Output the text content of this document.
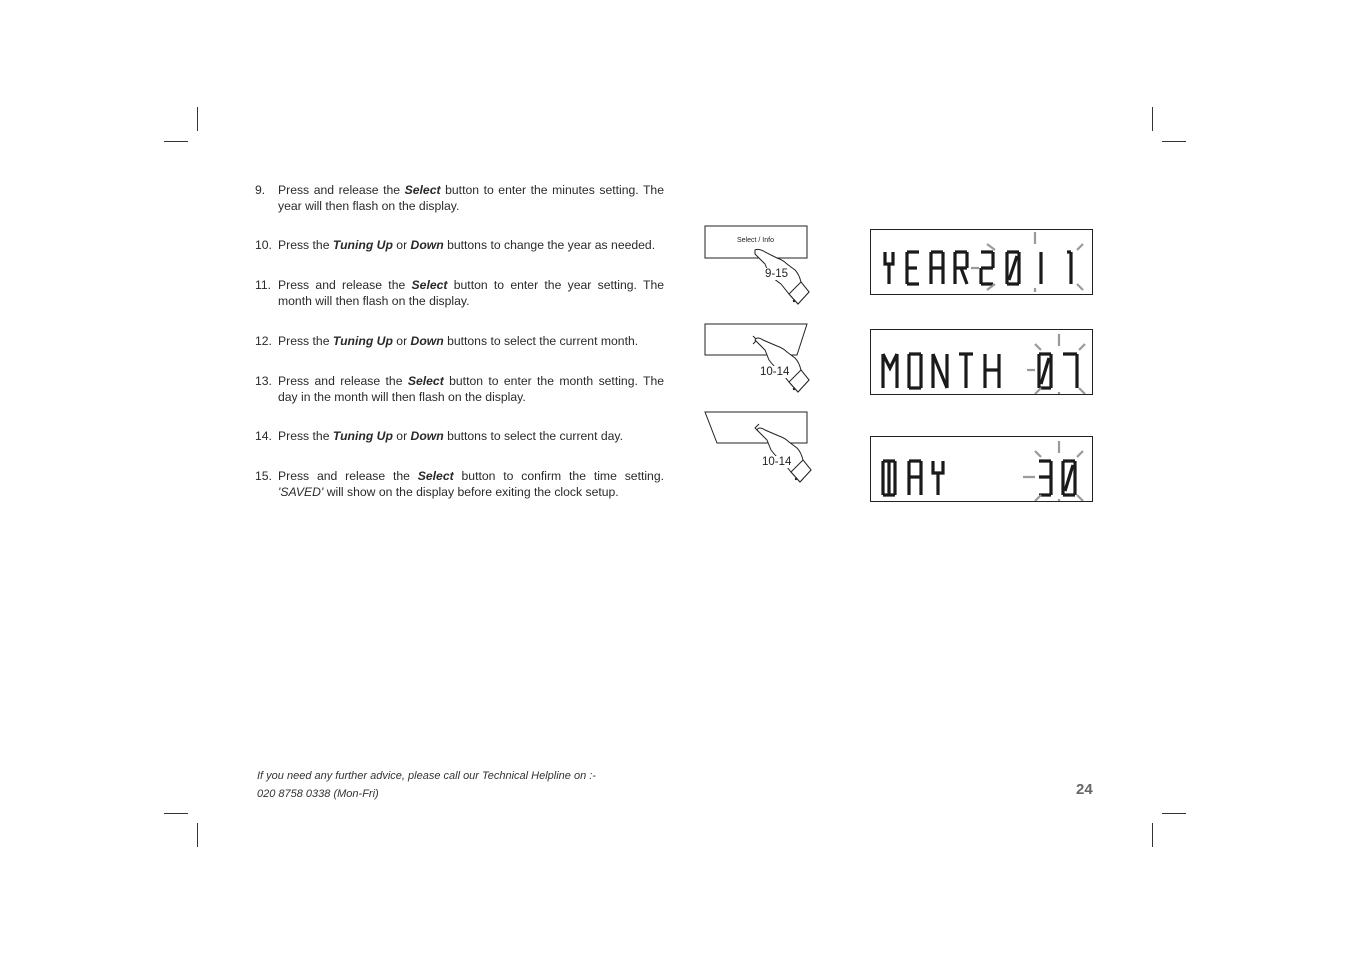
9.	Press and release the Select button to enter the minutes setting. The year will then flash on the display.
10. Press the Tuning Up or Down buttons to change the year as needed.
11. Press and release the Select button to enter the year setting. The month will then flash on the display.
12. Press the Tuning Up or Down buttons to select the current month.
13. Press and release the Select button to enter the month setting. The day in the month will then flash on the display.
14. Press the Tuning Up or Down buttons to select the current day.
15. Press and release the Select button to confirm the time setting. 'SAVED' will show on the display before exiting the clock setup.
Select / Info
9-15
10-14
10-14
If you need any further advice, please call our Technical Helpline on :-
020 8758 0338 (Mon-Fri)	24
